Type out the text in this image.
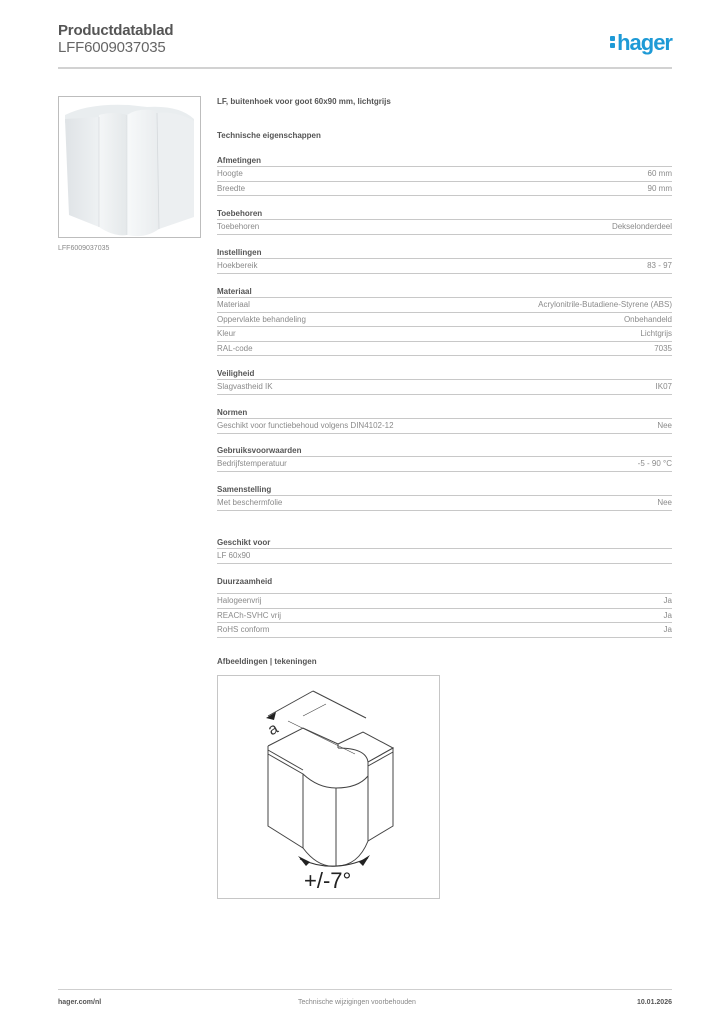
Productdatablad
LFF6009037035	hager
LFF6009037035
LF, buitenhoek voor goot 60x90 mm, lichtgrijs
Technische eigenschappen
Afmetingen
Hoogte	60 mm
Breedte	90 mm
Toebehoren
Toebehoren	Dekselonderdeel
Instellingen
Hoekbereik	83 - 97
Materiaal
Materiaal	Acrylonitrile-Butadiene-Styrene (ABS)
Oppervlakte behandeling	Onbehandeld
Kleur	Lichtgrijs
RAL-code	7035
Veiligheid
Slagvastheid IK	IK07
Normen
Geschikt voor functiebehoud volgens DIN4102-12	Nee
Gebruiksvoorwaarden
Bedrijfstemperatuur	-5 - 90 °C
Samenstelling
Met beschermfolie	Nee
Geschikt voor
LF 60x90
Duurzaamheid
Halogeenvrij	Ja
REACh-SVHC vrij	Ja
RoHS conform	Ja
Afbeeldingen | tekeningen
a
+/-7°
hager.com/nl	Technische wijzigingen voorbehouden	10.01.2026
